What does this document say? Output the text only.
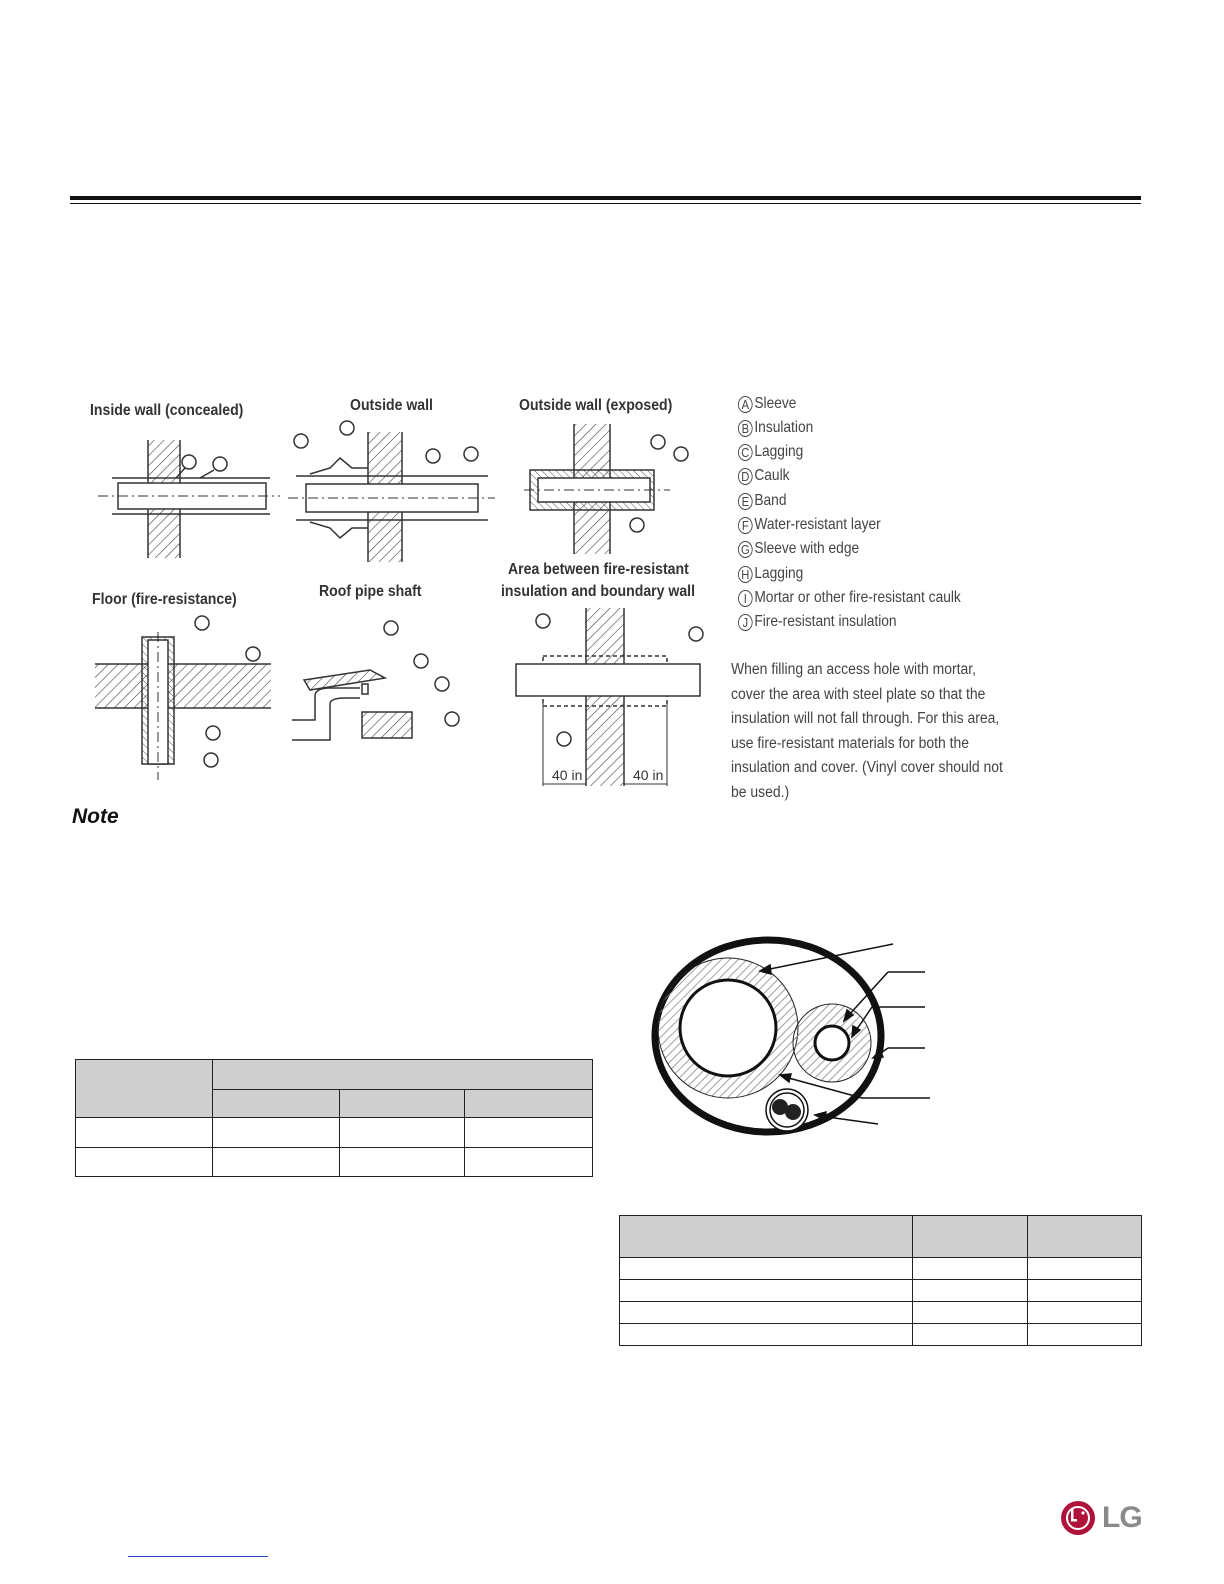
Inside wall (concealed)	Outside wall	Outside wall (exposed)
Floor (fire-resistance)	Roof pipe shaft
Area between fire-resistant
insulation and boundary wall
40 in	40 in
A Sleeve
B Insulation
C Lagging
D Caulk
E Band
F Water-resistant layer
G Sleeve with edge
H Lagging
I Mortar or other fire-resistant caulk
J Fire-resistant insulation
When filling an access hole with mortar, cover the area with steel plate so that the insulation will not fall through. For this area, use fire-resistant materials for both the insulation and cover. (Vinyl cover should not be used.)
Note

LG
